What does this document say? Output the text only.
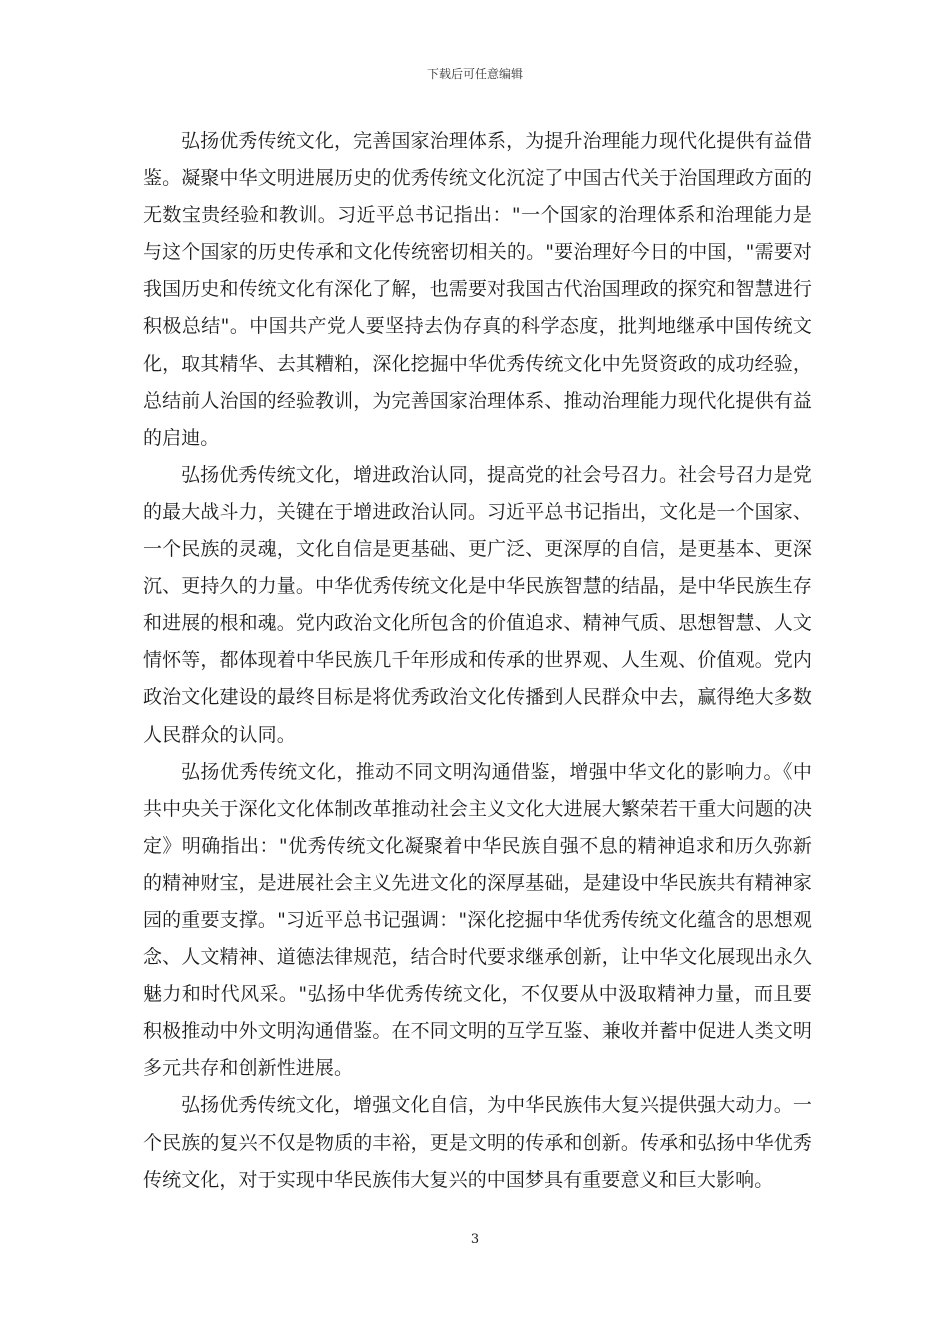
下载后可任意编辑

弘扬优秀传统文化，完善国家治理体系，为提升治理能力现代化提供有益借鉴。凝聚中华文明进展历史的优秀传统文化沉淀了中国古代关于治国理政方面的无数宝贵经验和教训。习近平总书记指出："一个国家的治理体系和治理能力是与这个国家的历史传承和文化传统密切相关的。"要治理好今日的中国，"需要对我国历史和传统文化有深化了解，也需要对我国古代治国理政的探究和智慧进行积极总结"。中国共产党人要坚持去伪存真的科学态度，批判地继承中国传统文化，取其精华、去其糟粕，深化挖掘中华优秀传统文化中先贤资政的成功经验，总结前人治国的经验教训，为完善国家治理体系、推动治理能力现代化提供有益的启迪。

弘扬优秀传统文化，增进政治认同，提高党的社会号召力。社会号召力是党的最大战斗力，关键在于增进政治认同。习近平总书记指出，文化是一个国家、一个民族的灵魂，文化自信是更基础、更广泛、更深厚的自信，是更基本、更深沉、更持久的力量。中华优秀传统文化是中华民族智慧的结晶，是中华民族生存和进展的根和魂。党内政治文化所包含的价值追求、精神气质、思想智慧、人文情怀等，都体现着中华民族几千年形成和传承的世界观、人生观、价值观。党内政治文化建设的最终目标是将优秀政治文化传播到人民群众中去，赢得绝大多数人民群众的认同。

弘扬优秀传统文化，推动不同文明沟通借鉴，增强中华文化的影响力。《中共中央关于深化文化体制改革推动社会主义文化大进展大繁荣若干重大问题的决定》明确指出："优秀传统文化凝聚着中华民族自强不息的精神追求和历久弥新的精神财宝，是进展社会主义先进文化的深厚基础，是建设中华民族共有精神家园的重要支撑。"习近平总书记强调："深化挖掘中华优秀传统文化蕴含的思想观念、人文精神、道德法律规范，结合时代要求继承创新，让中华文化展现出永久魅力和时代风采。"弘扬中华优秀传统文化，不仅要从中汲取精神力量，而且要积极推动中外文明沟通借鉴。在不同文明的互学互鉴、兼收并蓄中促进人类文明多元共存和创新性进展。

弘扬优秀传统文化，增强文化自信，为中华民族伟大复兴提供强大动力。一个民族的复兴不仅是物质的丰裕，更是文明的传承和创新。传承和弘扬中华优秀传统文化，对于实现中华民族伟大复兴的中国梦具有重要意义和巨大影响。

3
